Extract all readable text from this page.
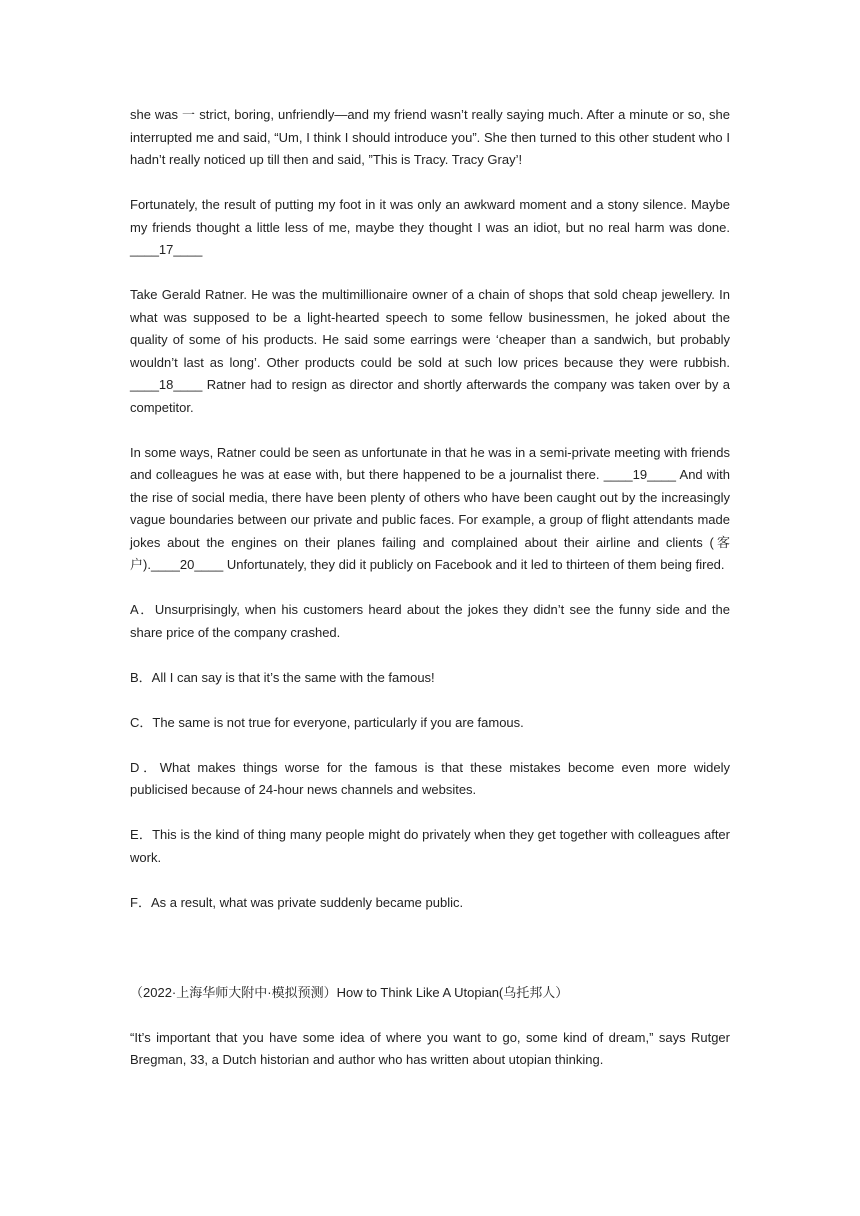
she was 一 strict, boring, unfriendly—and my friend wasn’t really saying much. After a minute or so, she interrupted me and said, “Um, I think I should introduce you”. She then turned to this other student who I hadn’t really noticed up till then and said, ”This is Tracy. Tracy Gray’!

Fortunately, the result of putting my foot in it was only an awkward moment and a stony silence. Maybe my friends thought a little less of me, maybe they thought I was an idiot, but no real harm was done. ____17____

Take Gerald Ratner. He was the multimillionaire owner of a chain of shops that sold cheap jewellery. In what was supposed to be a light-hearted speech to some fellow businessmen, he joked about the quality of some of his products. He said some earrings were ‘cheaper than a sandwich, but probably wouldn’t last as long’. Other products could be sold at such low prices because they were rubbish. ____18____ Ratner had to resign as director and shortly afterwards the company was taken over by a competitor.

In some ways, Ratner could be seen as unfortunate in that he was in a semi-private meeting with friends and colleagues he was at ease with, but there happened to be a journalist there. ____19____ And with the rise of social media, there have been plenty of others who have been caught out by the increasingly vague boundaries between our private and public faces. For example, a group of flight attendants made jokes about the engines on their planes failing and complained about their airline and clients (客户).____20____ Unfortunately, they did it publicly on Facebook and it led to thirteen of them being fired.

A．Unsurprisingly, when his customers heard about the jokes they didn’t see the funny side and the share price of the company crashed.

B．All I can say is that it’s the same with the famous!

C．The same is not true for everyone, particularly if you are famous.

D．What makes things worse for the famous is that these mistakes become even more widely publicised because of 24-hour news channels and websites.

E．This is the kind of thing many people might do privately when they get together with colleagues after work.

F．As a result, what was private suddenly became public.

（2022·上海华师大附中·模拟预测）How to Think Like A Utopian(乌托邦人）

“It’s important that you have some idea of where you want to go, some kind of dream,” says Rutger Bregman, 33, a Dutch historian and author who has written about utopian thinking.
